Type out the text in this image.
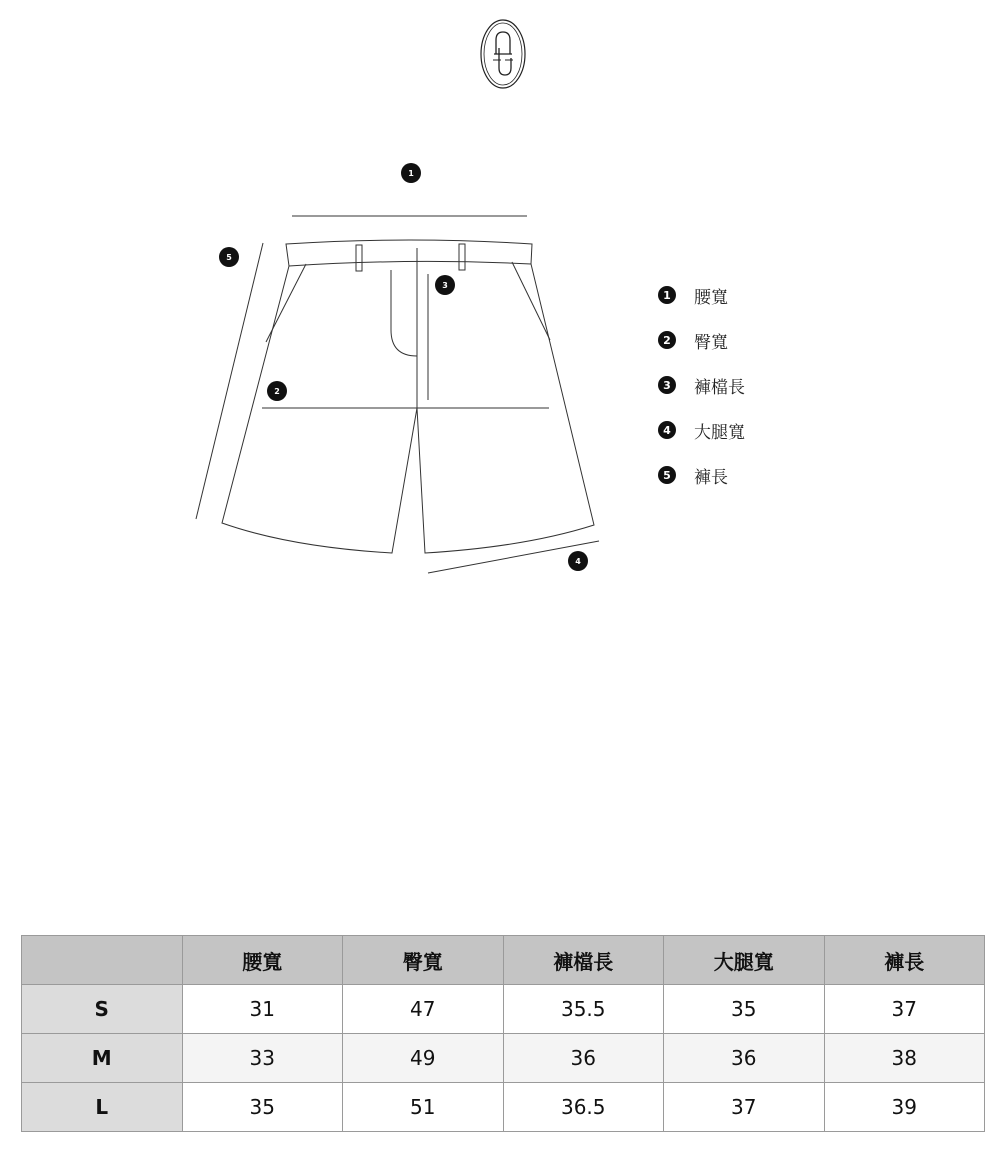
1
2
3
4
5
1	腰寬
2	臀寬
3	褲檔長
4	大腿寬
5	褲長
	腰寬	臀寬	褲檔長	大腿寬	褲長
S	31	47	35.5	35	37
M	33	49	36	36	38
L	35	51	36.5	37	39
